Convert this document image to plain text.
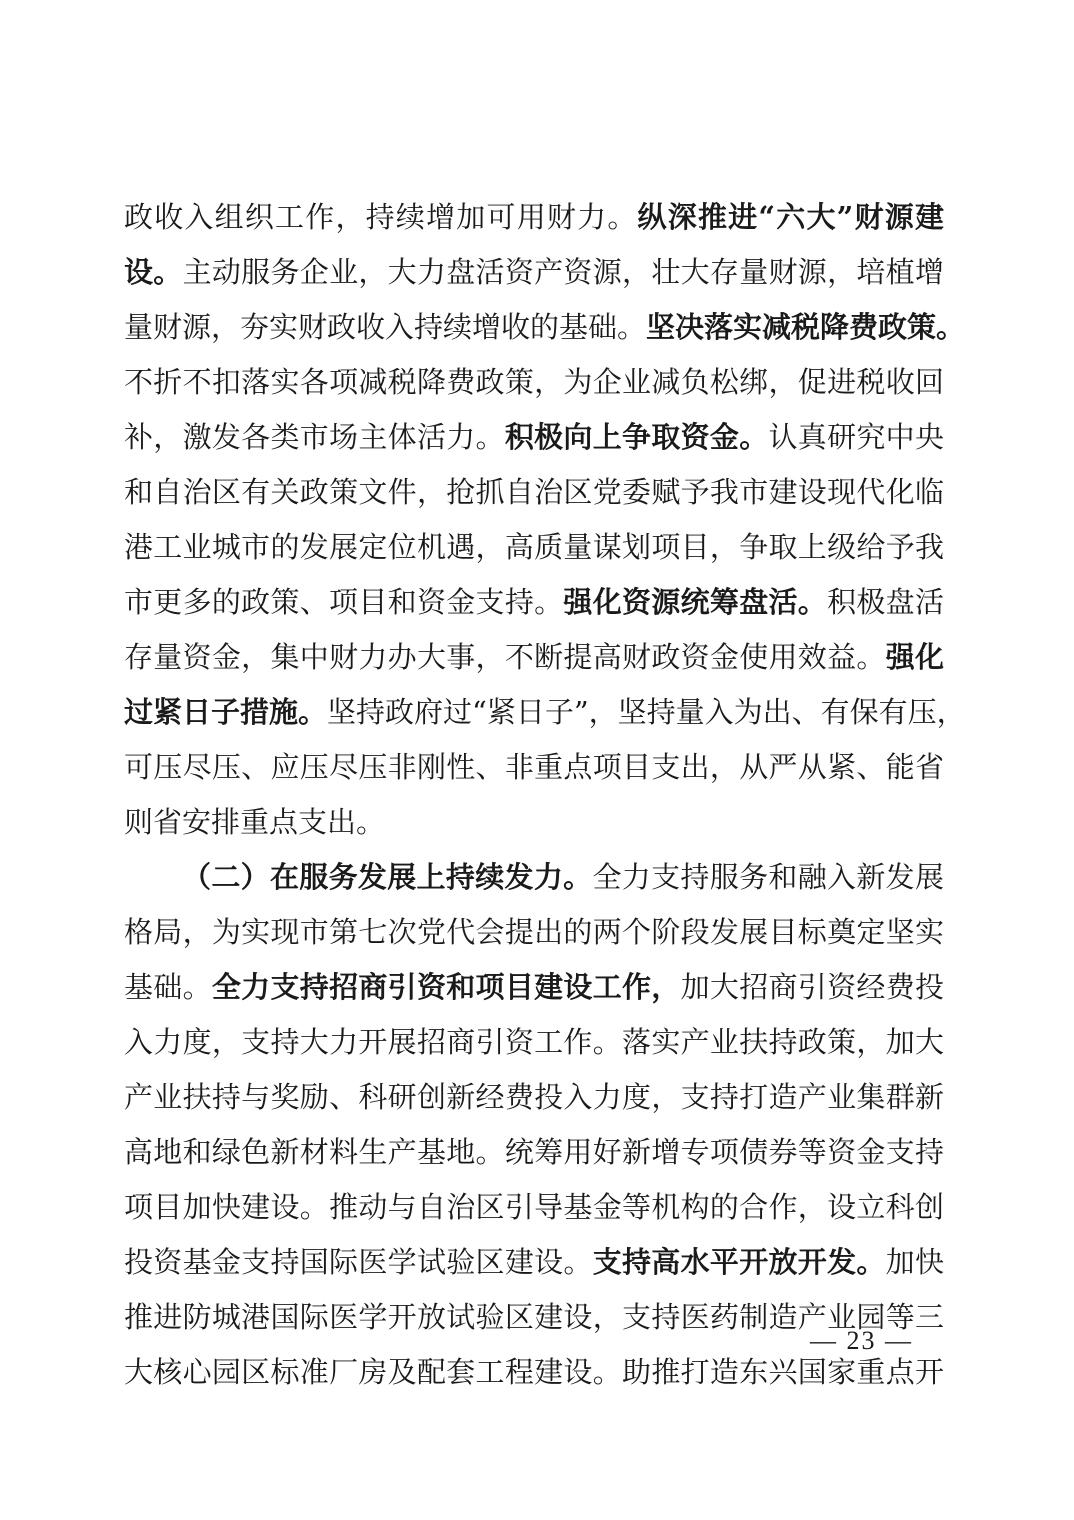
政收入组织工作，持续增加可用财力。纵深推进“六大”财源建
设。主动服务企业，大力盘活资产资源，壮大存量财源，培植增
量财源，夯实财政收入持续增收的基础。坚决落实减税降费政策。
不折不扣落实各项减税降费政策，为企业减负松绑，促进税收回
补，激发各类市场主体活力。积极向上争取资金。认真研究中央
和自治区有关政策文件，抢抓自治区党委赋予我市建设现代化临
港工业城市的发展定位机遇，高质量谋划项目，争取上级给予我
市更多的政策、项目和资金支持。强化资源统筹盘活。积极盘活
存量资金，集中财力办大事，不断提高财政资金使用效益。强化
过紧日子措施。坚持政府过“紧日子”，坚持量入为出、有保有压，
可压尽压、应压尽压非刚性、非重点项目支出，从严从紧、能省
则省安排重点支出。
（二）在服务发展上持续发力。全力支持服务和融入新发展
格局，为实现市第七次党代会提出的两个阶段发展目标奠定坚实
基础。全力支持招商引资和项目建设工作，加大招商引资经费投
入力度，支持大力开展招商引资工作。落实产业扶持政策，加大
产业扶持与奖励、科研创新经费投入力度，支持打造产业集群新
高地和绿色新材料生产基地。统筹用好新增专项债券等资金支持
项目加快建设。推动与自治区引导基金等机构的合作，设立科创
投资基金支持国际医学试验区建设。支持高水平开放开发。加快
推进防城港国际医学开放试验区建设，支持医药制造产业园等三
大核心园区标准厂房及配套工程建设。助推打造东兴国家重点开
— 23 —
